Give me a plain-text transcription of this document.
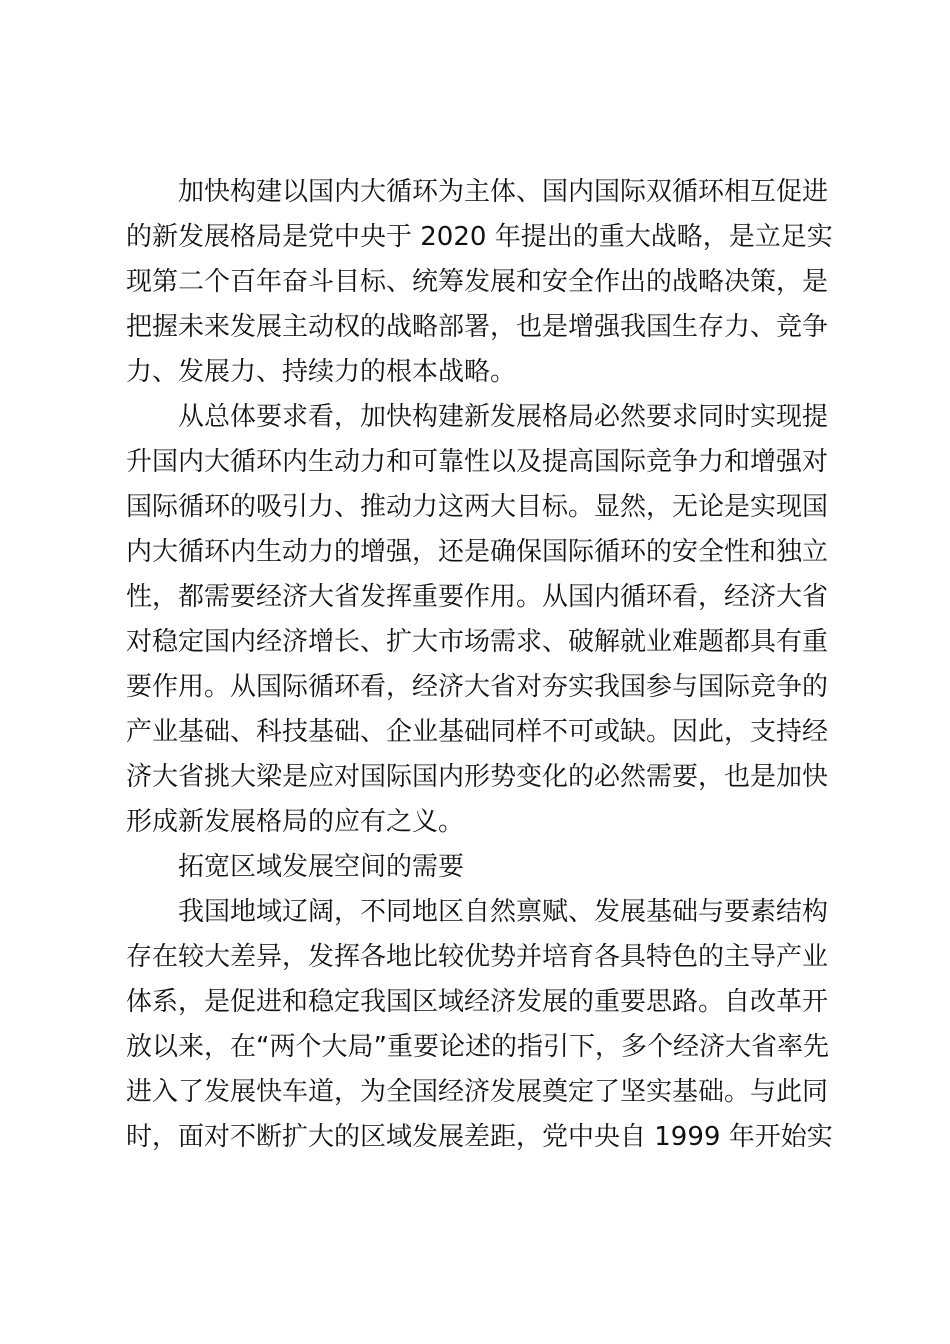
加快构建以国内大循环为主体、国内国际双循环相互促进
的新发展格局是党中央于 2020 年提出的重大战略，是立足实
现第二个百年奋斗目标、统筹发展和安全作出的战略决策，是
把握未来发展主动权的战略部署，也是增强我国生存力、竞争
力、发展力、持续力的根本战略。
从总体要求看，加快构建新发展格局必然要求同时实现提
升国内大循环内生动力和可靠性以及提高国际竞争力和增强对
国际循环的吸引力、推动力这两大目标。显然，无论是实现国
内大循环内生动力的增强，还是确保国际循环的安全性和独立
性，都需要经济大省发挥重要作用。从国内循环看，经济大省
对稳定国内经济增长、扩大市场需求、破解就业难题都具有重
要作用。从国际循环看，经济大省对夯实我国参与国际竞争的
产业基础、科技基础、企业基础同样不可或缺。因此，支持经
济大省挑大梁是应对国际国内形势变化的必然需要，也是加快
形成新发展格局的应有之义。
拓宽区域发展空间的需要
我国地域辽阔，不同地区自然禀赋、发展基础与要素结构
存在较大差异，发挥各地比较优势并培育各具特色的主导产业
体系，是促进和稳定我国区域经济发展的重要思路。自改革开
放以来，在“两个大局”重要论述的指引下，多个经济大省率先
进入了发展快车道，为全国经济发展奠定了坚实基础。与此同
时，面对不断扩大的区域发展差距，党中央自 1999 年开始实
